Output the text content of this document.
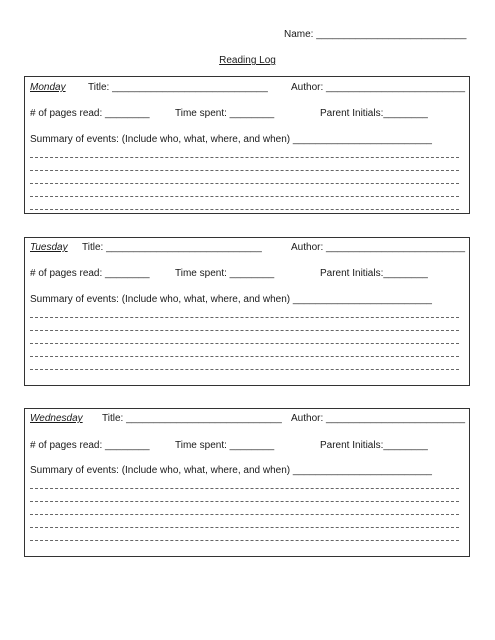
Name: ___________________________
Reading Log
Monday Title: ____________________________ Author: _________________________
# of pages read: ________	Time spent: ________	Parent Initials:________
Summary of events: (Include who, what, where, and when) _________________________
Tuesday Title: ____________________________	Author: _________________________
# of pages read: ________	Time spent: ________	Parent Initials:________
Summary of events: (Include who, what, where, and when) _________________________
Wednesday Title: ____________________________ Author: _________________________
# of pages read: ________	Time spent: ________	Parent Initials:________
Summary of events: (Include who, what, where, and when) _________________________
